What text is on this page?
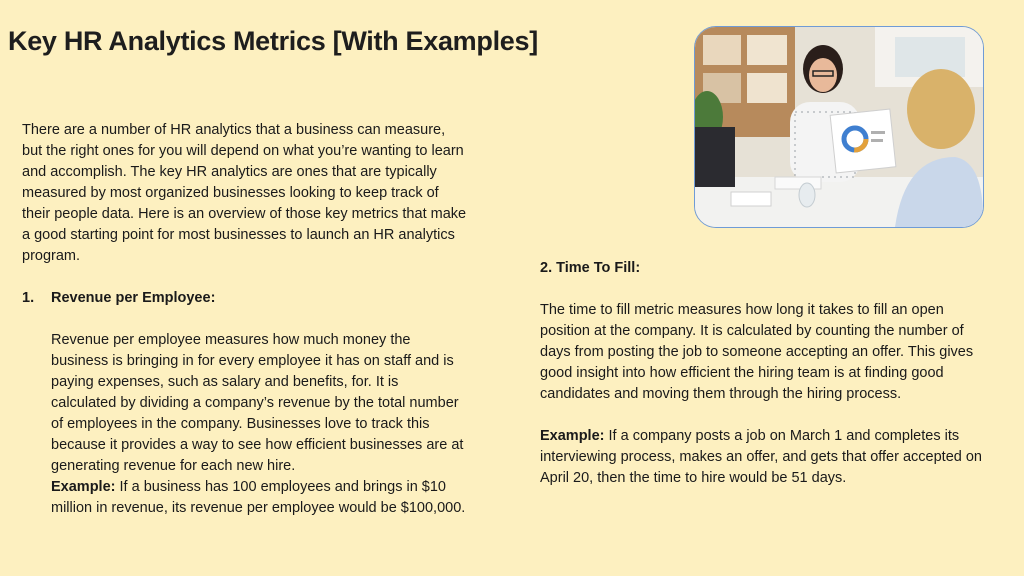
Key HR Analytics Metrics [With Examples]

There are a number of HR analytics that a business can measure, but the right ones for you will depend on what you’re wanting to learn and accomplish. The key HR analytics are ones that are typically measured by most organized businesses looking to keep track of their people data. Here is an overview of those key metrics that make a good starting point for most businesses to launch an HR analytics program.

1.	Revenue per Employee:

Revenue per employee measures how much money the business is bringing in for every employee it has on staff and is paying expenses, such as salary and benefits, for. It is calculated by dividing a company’s revenue by the total number of employees in the company. Businesses love to track this because it provides a way to see how efficient businesses are at generating revenue for each new hire.

Example: If a business has 100 employees and brings in $10 million in revenue, its revenue per employee would be $100,000.

2. Time To Fill:

The time to fill metric measures how long it takes to fill an open position at the company. It is calculated by counting the number of days from posting the job to someone accepting an offer. This gives good insight into how efficient the hiring team is at finding good candidates and moving them through the hiring process.

Example: If a company posts a job on March 1 and completes its interviewing process, makes an offer, and gets that offer accepted on April 20, then the time to hire would be 51 days.
